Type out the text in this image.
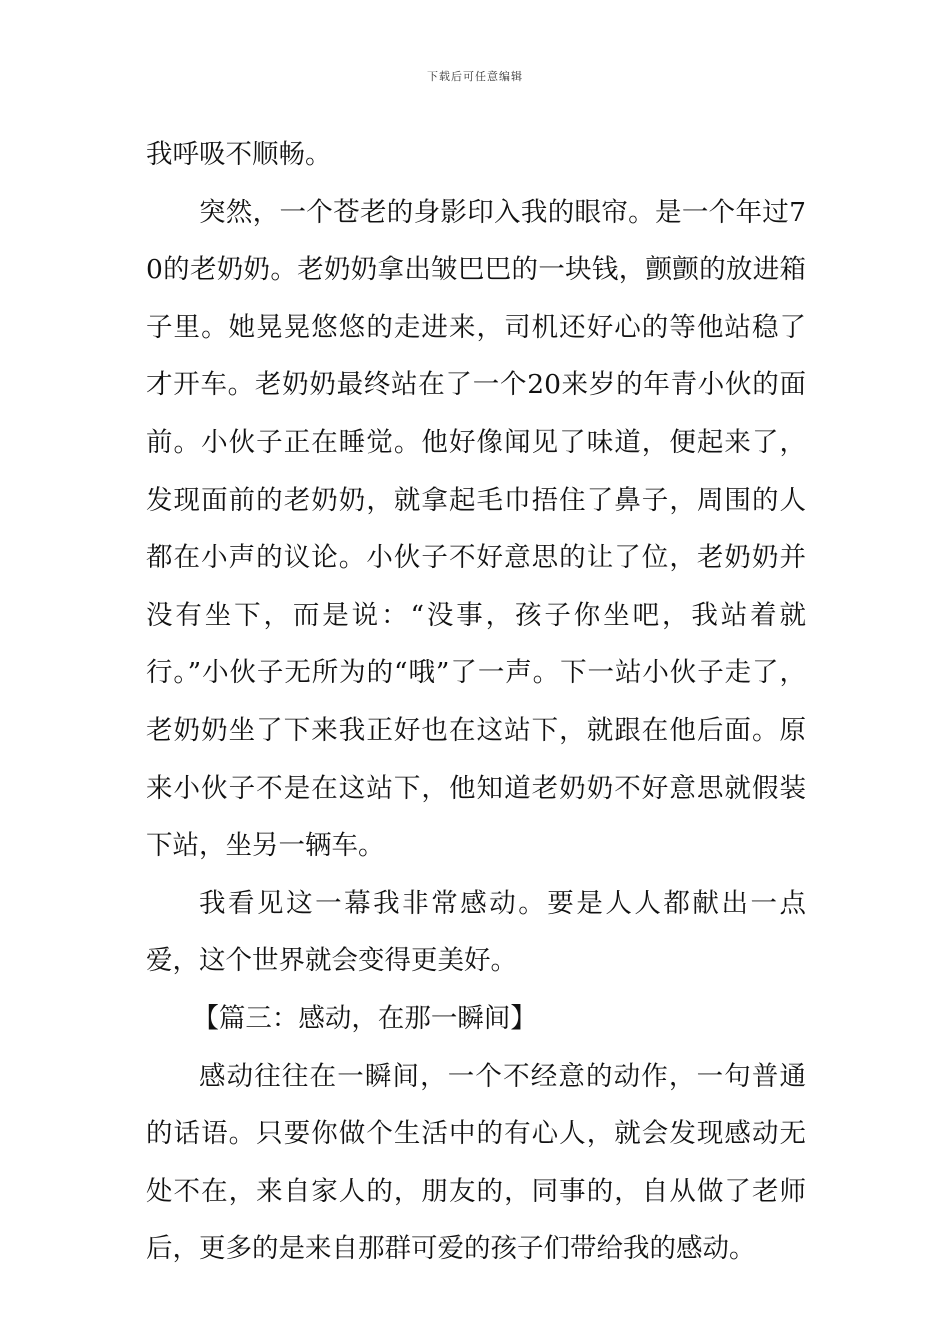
下载后可任意编辑

我呼吸不顺畅。

突然，一个苍老的身影印入我的眼帘。是一个年过70的老奶奶。老奶奶拿出皱巴巴的一块钱，颤颤的放进箱子里。她晃晃悠悠的走进来，司机还好心的等他站稳了才开车。老奶奶最终站在了一个20来岁的年青小伙的面前。小伙子正在睡觉。他好像闻见了味道，便起来了，发现面前的老奶奶，就拿起毛巾捂住了鼻子，周围的人都在小声的议论。小伙子不好意思的让了位，老奶奶并没有坐下，而是说：“没事，孩子你坐吧，我站着就行。”小伙子无所为的“哦”了一声。下一站小伙子走了，老奶奶坐了下来我正好也在这站下，就跟在他后面。原来小伙子不是在这站下，他知道老奶奶不好意思就假装下站，坐另一辆车。

我看见这一幕我非常感动。要是人人都献出一点爱，这个世界就会变得更美好。

【篇三：感动，在那一瞬间】

感动往往在一瞬间，一个不经意的动作，一句普通的话语。只要你做个生活中的有心人，就会发现感动无处不在，来自家人的，朋友的，同事的，自从做了老师后，更多的是来自那群可爱的孩子们带给我的感动。
